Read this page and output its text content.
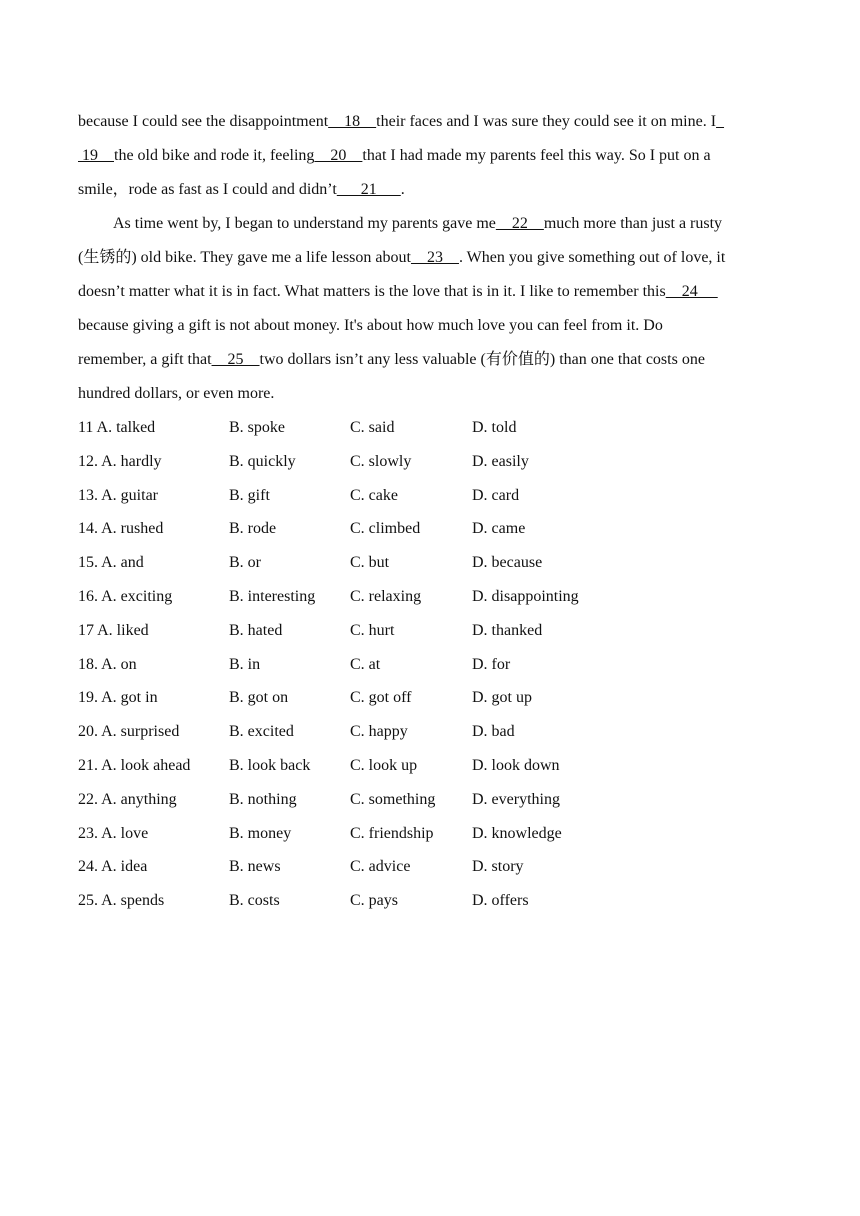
because I could see the disappointment    18    their faces and I was sure they could see it on mine. I

19    the old bike and rode it, feeling    20    that I had made my parents feel this way. So I put on a

smile，rode as fast as I could and didn’t      21      .

As time went by, I began to understand my parents gave me    22    much more than just a rusty

(生锈的) old bike. They gave me a life lesson about    23    . When you give something out of love, it

doesn’t matter what it is in fact. What matters is the love that is in it. I like to remember this    24

because giving a gift is not about money. It's about how much love you can feel from it. Do

remember, a gift that    25    two dollars isn’t any less valuable (有价值的) than one that costs one

hundred dollars, or even more.

11 A. talked	B. spoke	C. said	D. told
12. A. hardly	B. quickly	C. slowly	D. easily
13. A. guitar	B. gift	C. cake	D. card
14. A. rushed	B. rode	C. climbed	D. came
15. A. and	B. or	C. but	D. because
16. A. exciting	B. interesting	C. relaxing	D. disappointing
17 A. liked	B. hated	C. hurt	D. thanked
18. A. on	B. in	C. at	D. for
19. A. got in	B. got on	C. got off	D. got up
20. A. surprised	B. excited	C. happy	D. bad
21. A. look ahead	B. look back	C. look up	D. look down
22. A. anything	B. nothing	C. something	D. everything
23. A. love	B. money	C. friendship	D. knowledge
24. A. idea	B. news	C. advice	D. story
25. A. spends	B. costs	C. pays	D. offers
